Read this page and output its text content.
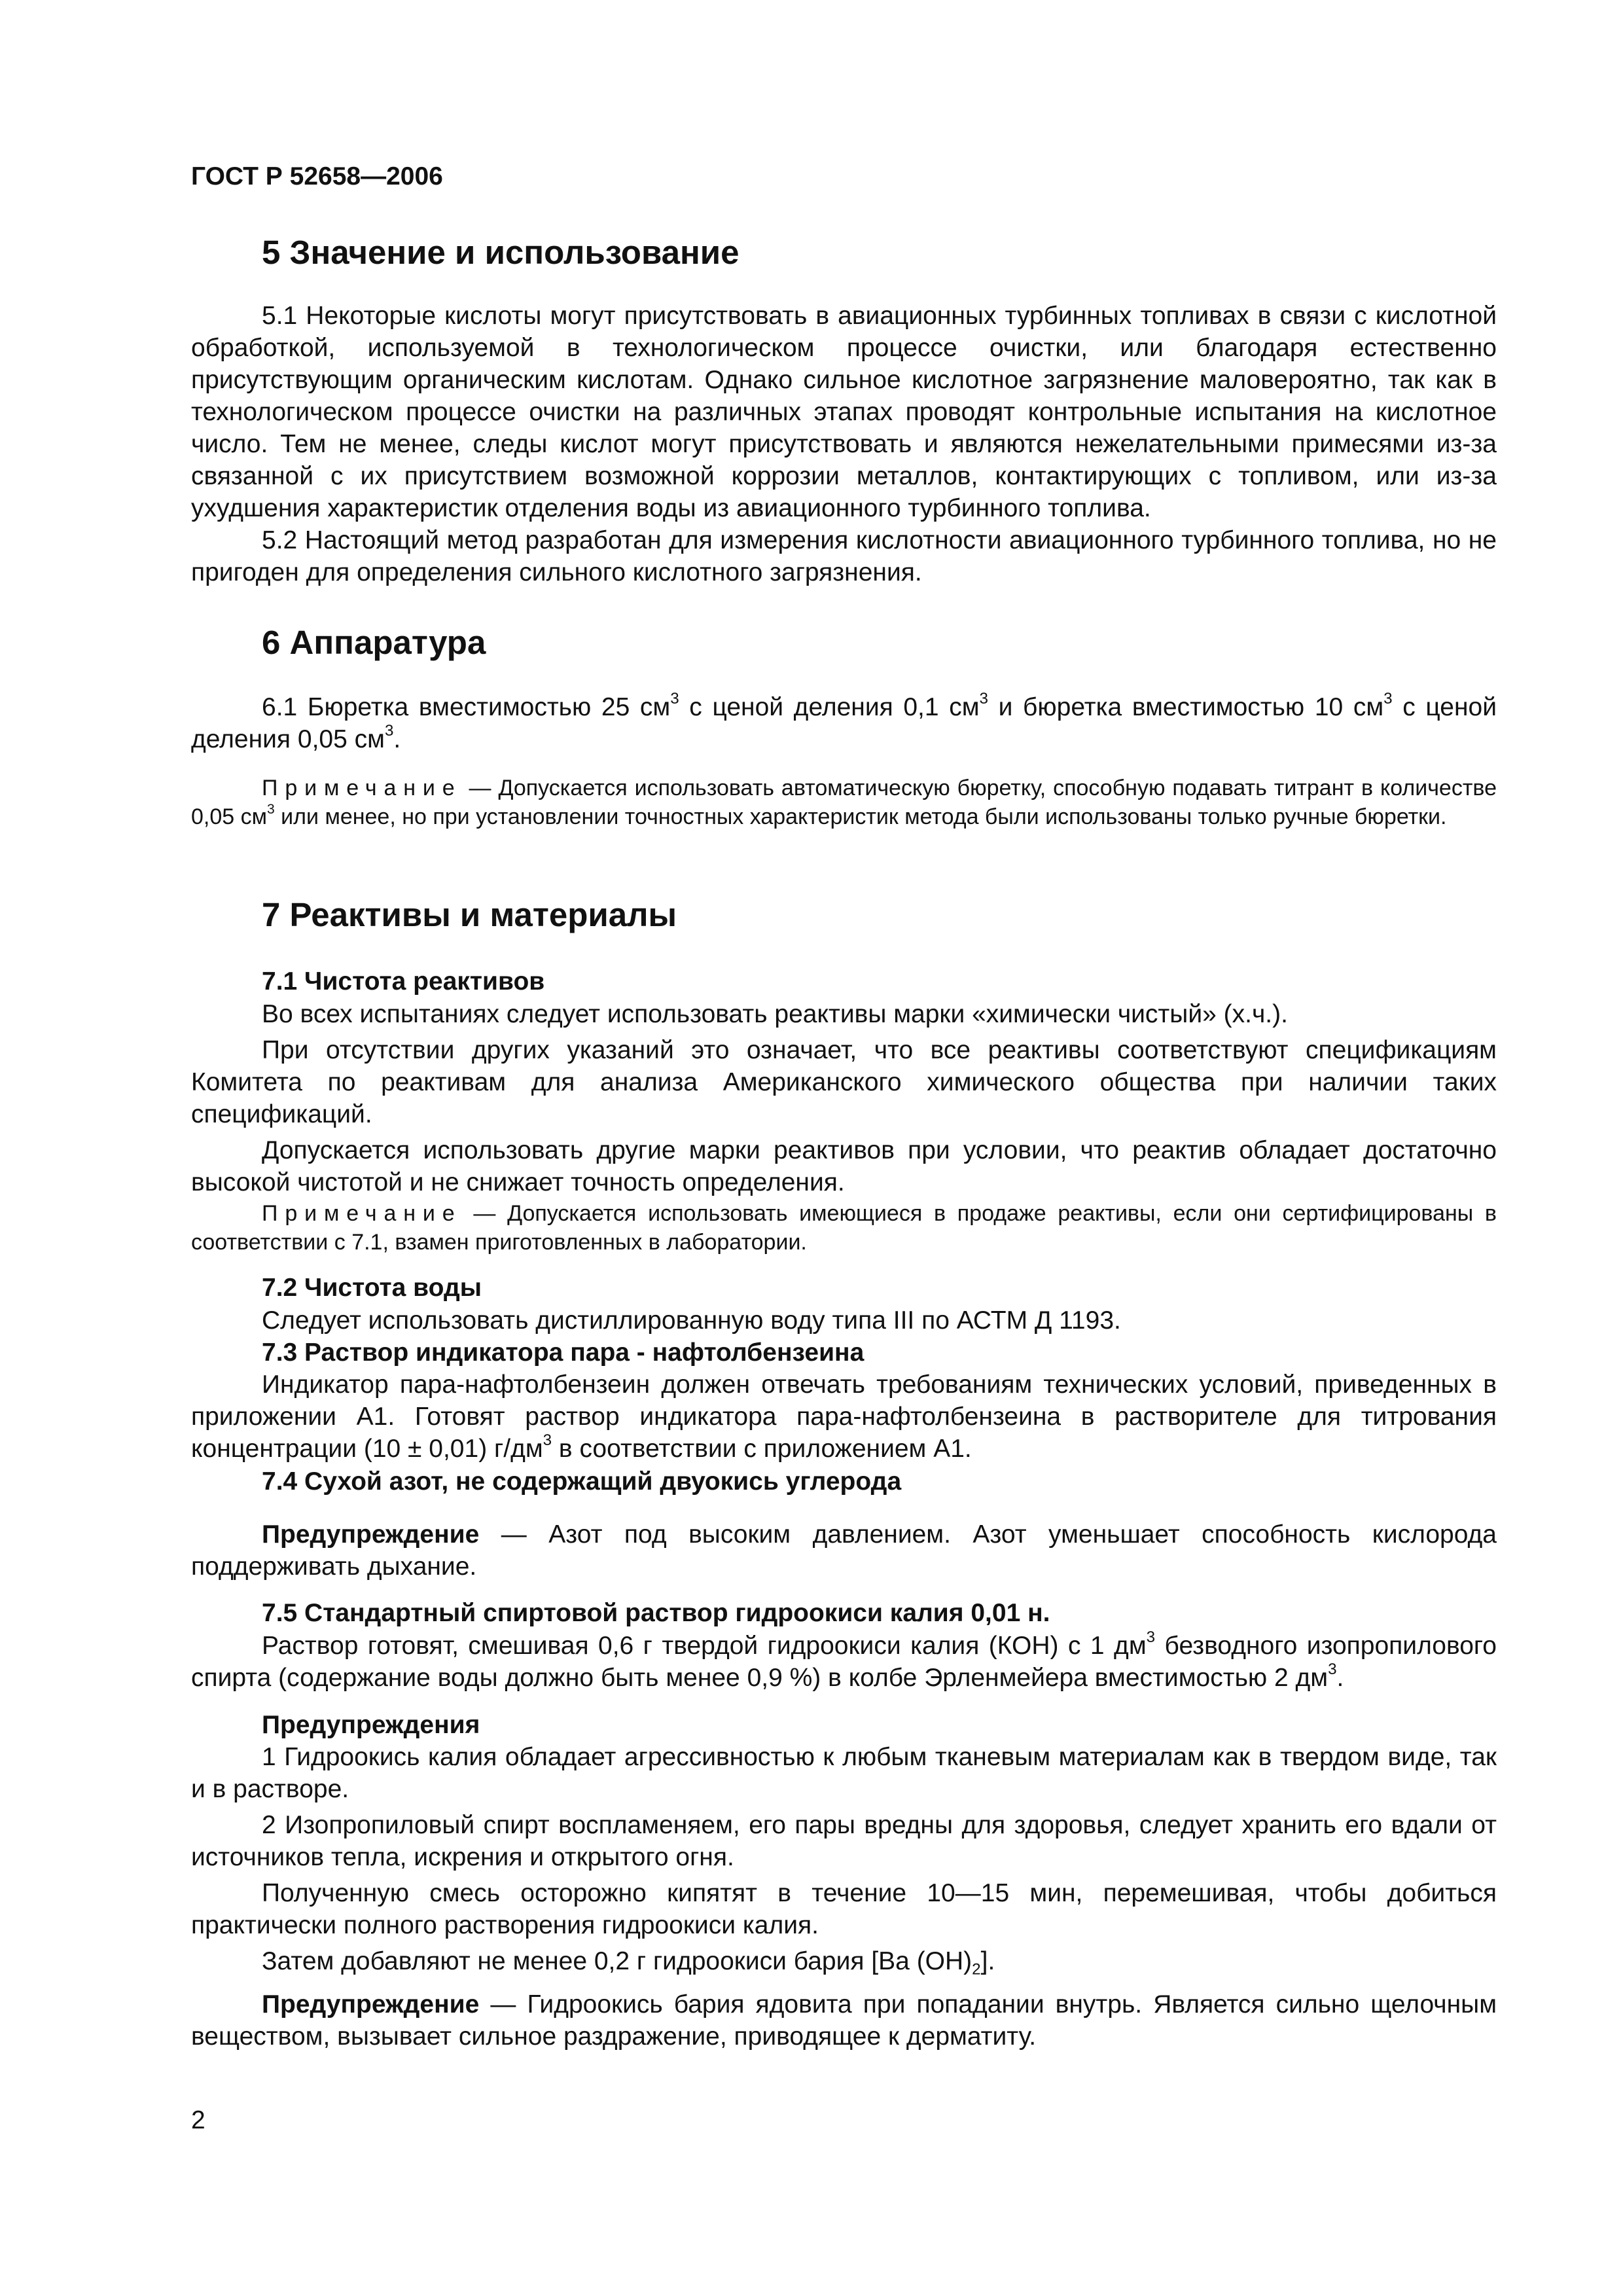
ГОСТ Р 52658—2006
5 Значение и использование

5.1 Некоторые кислоты могут присутствовать в авиационных турбинных топливах в связи с кислотной обработкой, используемой в технологическом процессе очистки, или благодаря естественно присутствующим органическим кислотам. Однако сильное кислотное загрязнение маловероятно, так как в технологическом процессе очистки на различных этапах проводят контрольные испытания на кислотное число. Тем не менее, следы кислот могут присутствовать и являются нежелательными примесями из-за связанной с их присутствием возможной коррозии металлов, контактирующих с топливом, или из-за ухудшения характеристик отделения воды из авиационного турбинного топлива.

5.2 Настоящий метод разработан для измерения кислотности авиационного турбинного топлива, но не пригоден для определения сильного кислотного загрязнения.

6 Аппаратура

6.1 Бюретка вместимостью 25 $см^3$ с ценой деления 0,1 $см^3$ и бюретка вместимостью 10 $см^3$ с ценой деления 0,05 $см^3$.

Примечание — Допускается использовать автоматическую бюретку, способную подавать титрант в количестве 0,05 $см^3$ или менее, но при установлении точностных характеристик метода были использованы только ручные бюретки.

7 Реактивы и материалы
7.1 Чистота реактивов

Во всех испытаниях следует использовать реактивы марки «химически чистый» (х.ч.).

При отсутствии других указаний это означает, что все реактивы соответствуют спецификациям Комитета по реактивам для анализа Американского химического общества при наличии таких спецификаций.

Допускается использовать другие марки реактивов при условии, что реактив обладает достаточно высокой чистотой и не снижает точность определения.

Примечание — Допускается использовать имеющиеся в продаже реактивы, если они сертифицированы в соответствии с 7.1, взамен приготовленных в лаборатории.

7.2 Чистота воды

Следует использовать дистиллированную воду типа III по АСТМ Д 1193.

7.3 Раствор индикатора пара - нафтолбензеина

Индикатор пара-нафтолбензеин должен отвечать требованиям технических условий, приведенных в приложении А1. Готовят раствор индикатора пара-нафтолбензеина в растворителе для титрования концентрации (10 ± 0,01) $г/дм^3$ в соответствии с приложением А1.

7.4 Сухой азот, не содержащий двуокись углерода

Предупреждение — Азот под высоким давлением. Азот уменьшает способность кислорода поддерживать дыхание.

7.5 Стандартный спиртовой раствор гидроокиси калия 0,01 н.

Раствор готовят, смешивая 0,6 г твердой гидроокиси калия (КОН) с 1 $дм^3$ безводного изопропилового спирта (содержание воды должно быть менее 0,9 %) в колбе Эрленмейера вместимостью 2 $дм^3$.

Предупреждения

1 Гидроокись калия обладает агрессивностью к любым тканевым материалам как в твердом виде, так и в растворе.

2 Изопропиловый спирт воспламеняем, его пары вредны для здоровья, следует хранить его вдали от источников тепла, искрения и открытого огня.

Полученную смесь осторожно кипятят в течение 10—15 мин, перемешивая, чтобы добиться практически полного растворения гидроокиси калия.

Затем добавляют не менее 0,2 г гидроокиси бария [Ba $(OH)_2$].

Предупреждение — Гидроокись бария ядовита при попадании внутрь. Является сильно щелочным веществом, вызывает сильное раздражение, приводящее к дерматиту.

2
